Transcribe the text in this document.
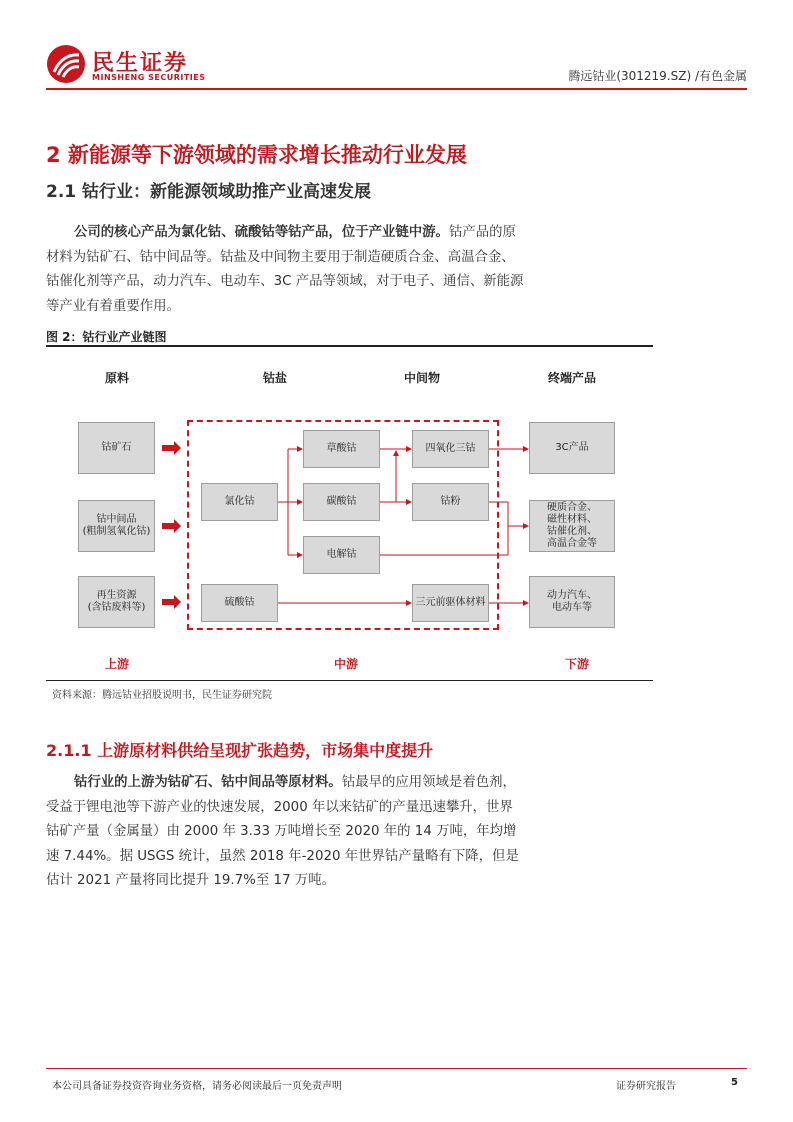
民生证券
MINSHENG SECURITIES	腾远钴业(301219.SZ) /有色金属
2 新能源等下游领域的需求增长推动行业发展
2.1 钴行业：新能源领域助推产业高速发展
公司的核心产品为氯化钴、硫酸钴等钴产品，位于产业链中游。钴产品的原材料为钴矿石、钴中间品等。钴盐及中间物主要用于制造硬质合金、高温合金、钴催化剂等产品，动力汽车、电动车、3C 产品等领域，对于电子、通信、新能源等产业有着重要作用。
图 2：钴行业产业链图
原料	钴盐	中间物	终端产品
钴矿石
钴中间品
(粗制氢氧化钴)
再生资源
(含钴废料等)
氯化钴
硫酸钴
草酸钴
碳酸钴
电解钴
四氧化三钴
钴粉
三元前驱体材料
3C产品
硬质合金、
磁性材料、
钴催化剂、
高温合金等
动力汽车、
电动车等
上游	中游	下游
资料来源：腾远钴业招股说明书，民生证券研究院
2.1.1 上游原材料供给呈现扩张趋势，市场集中度提升
钴行业的上游为钴矿石、钴中间品等原材料。钴最早的应用领域是着色剂，受益于锂电池等下游产业的快速发展，2000 年以来钴矿的产量迅速攀升，世界钴矿产量（金属量）由 2000 年 3.33 万吨增长至 2020 年的 14 万吨，年均增速 7.44%。据 USGS 统计，虽然 2018 年-2020 年世界钴产量略有下降，但是估计 2021 产量将同比提升 19.7%至 17 万吨。
本公司具备证券投资咨询业务资格，请务必阅读最后一页免责声明	证券研究报告	5
